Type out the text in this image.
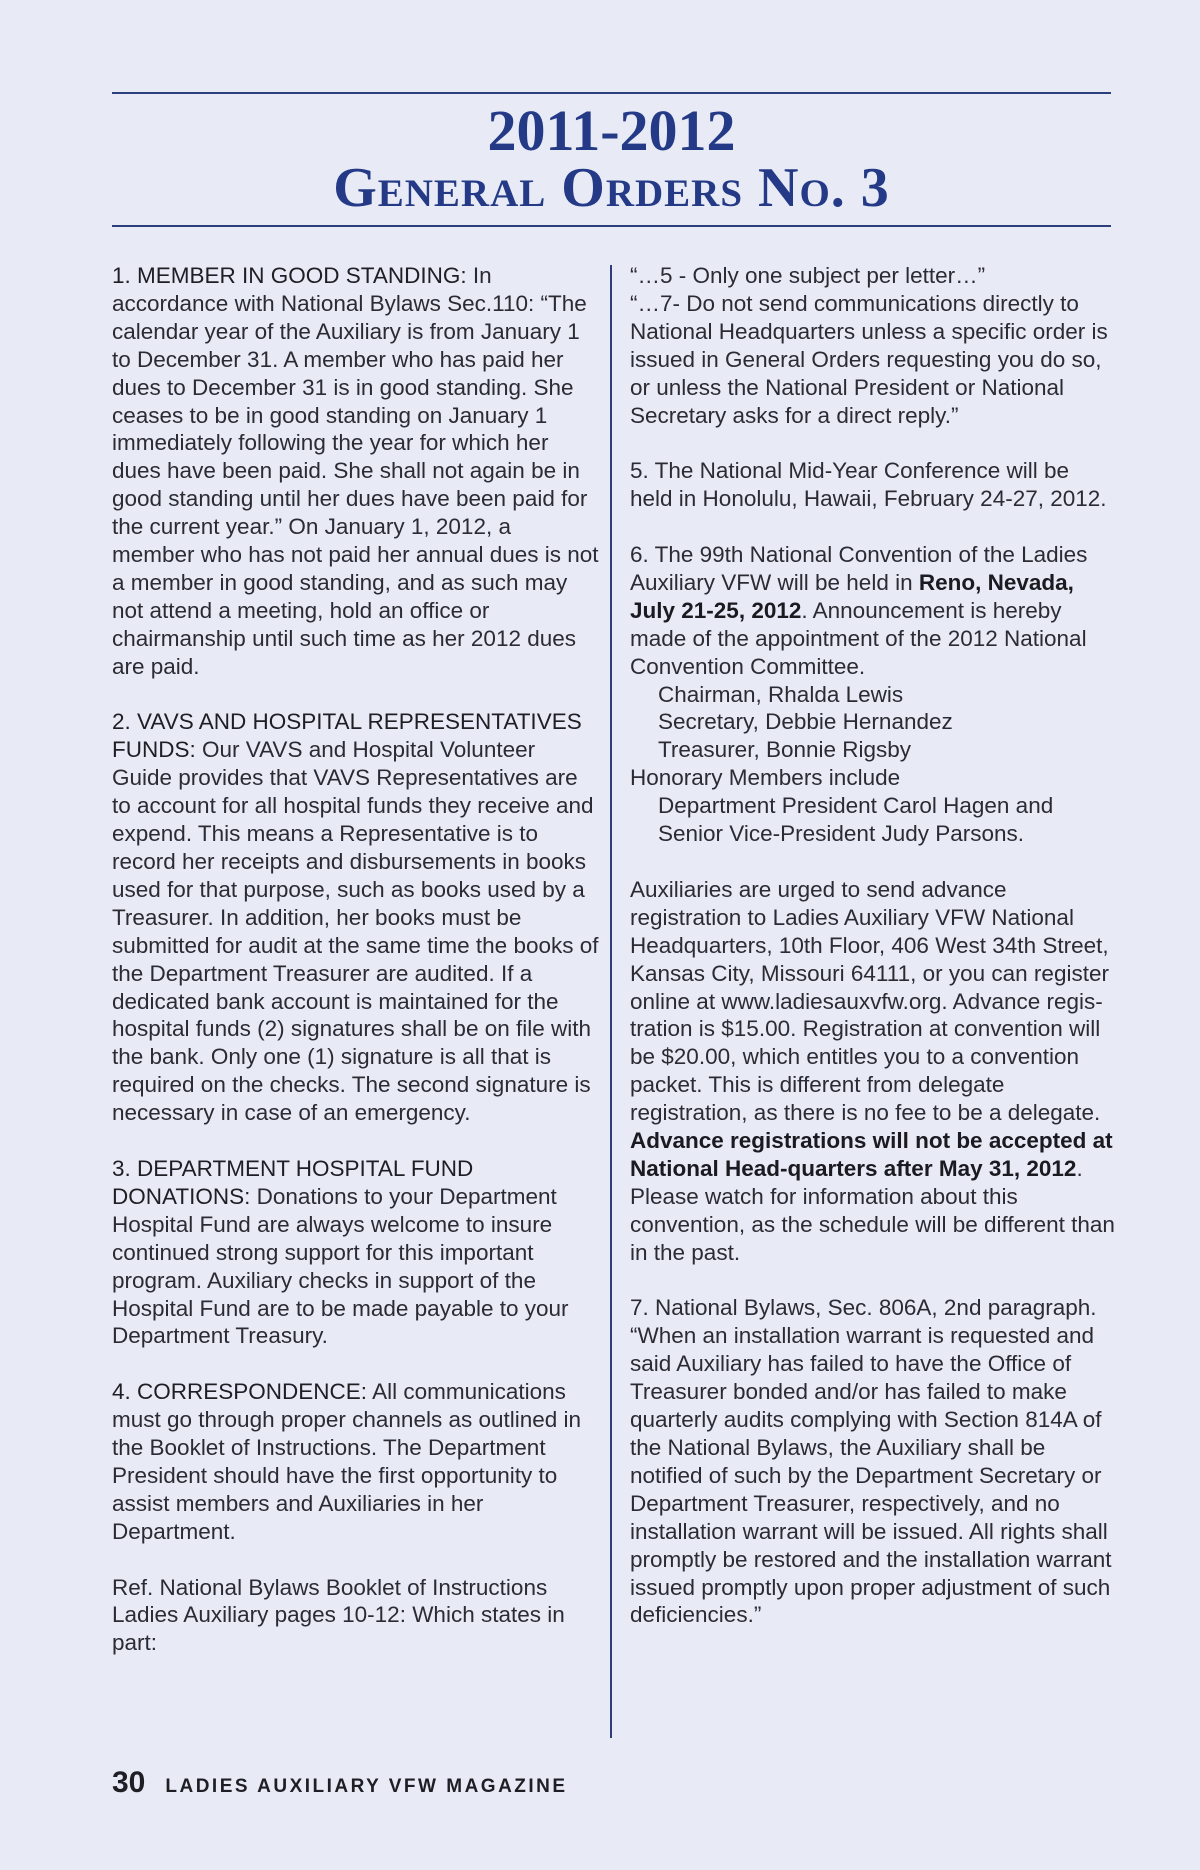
2011-2012
General Orders No. 3

1. MEMBER IN GOOD STANDING: In accordance with National Bylaws Sec.110: “The calendar year of the Auxiliary is from January 1 to December 31. A member who has paid her dues to December 31 is in good standing. She ceases to be in good standing on January 1 immediately following the year for which her dues have been paid. She shall not again be in good standing until her dues have been paid for the current year.” On January 1, 2012, a member who has not paid her annual dues is not a member in good standing, and as such may not attend a meeting, hold an office or chairmanship until such time as her 2012 dues are paid.

2. VAVS AND HOSPITAL REPRESENTATIVES FUNDS: Our VAVS and Hospital Volunteer Guide provides that VAVS Representatives are to account for all hospital funds they receive and expend. This means a Representative is to record her receipts and disbursements in books used for that purpose, such as books used by a Treasurer. In addition, her books must be submitted for audit at the same time the books of the Department Treasurer are audited. If a dedicated bank account is maintained for the hospital funds (2) signatures shall be on file with the bank. Only one (1) signature is all that is required on the checks. The second signature is necessary in case of an emergency.

3. DEPARTMENT HOSPITAL FUND DONATIONS: Donations to your Department Hospital Fund are always welcome to insure continued strong support for this important program. Auxiliary checks in support of the Hospital Fund are to be made payable to your Department Treasury.

4. CORRESPONDENCE: All communications must go through proper channels as outlined in the Booklet of Instructions. The Department President should have the first opportunity to assist members and Auxiliaries in her Department.

Ref. National Bylaws Booklet of Instructions Ladies Auxiliary pages 10-12: Which states in part:

“…5 - Only one subject per letter…”
“…7- Do not send communications directly to National Headquarters unless a specific order is issued in General Orders requesting you do so, or unless the National President or National Secretary asks for a direct reply.”

5. The National Mid-Year Conference will be held in Honolulu, Hawaii, February 24-27, 2012.

6. The 99th National Convention of the Ladies Auxiliary VFW will be held in Reno, Nevada, July 21-25, 2012. Announcement is hereby made of the appointment of the 2012 National Convention Committee.
Chairman, Rhalda Lewis
Secretary, Debbie Hernandez
Treasurer, Bonnie Rigsby
Honorary Members include
Department President Carol Hagen and Senior Vice-President Judy Parsons.

Auxiliaries are urged to send advance registration to Ladies Auxiliary VFW National Headquarters, 10th Floor, 406 West 34th Street, Kansas City, Missouri 64111, or you can register online at www.ladiesauxvfw.org. Advance regis-tration is $15.00. Registration at convention will be $20.00, which entitles you to a convention packet. This is different from delegate registration, as there is no fee to be a delegate. Advance registrations will not be accepted at National Head-quarters after May 31, 2012. Please watch for information about this convention, as the schedule will be different than in the past.

7. National Bylaws, Sec. 806A, 2nd paragraph. “When an installation warrant is requested and said Auxiliary has failed to have the Office of Treasurer bonded and/or has failed to make quarterly audits complying with Section 814A of the National Bylaws, the Auxiliary shall be notified of such by the Department Secretary or Department Treasurer, respectively, and no installation warrant will be issued. All rights shall promptly be restored and the installation warrant issued promptly upon proper adjustment of such deficiencies.”

30 LADIES AUXILIARY VFW MAGAZINE
